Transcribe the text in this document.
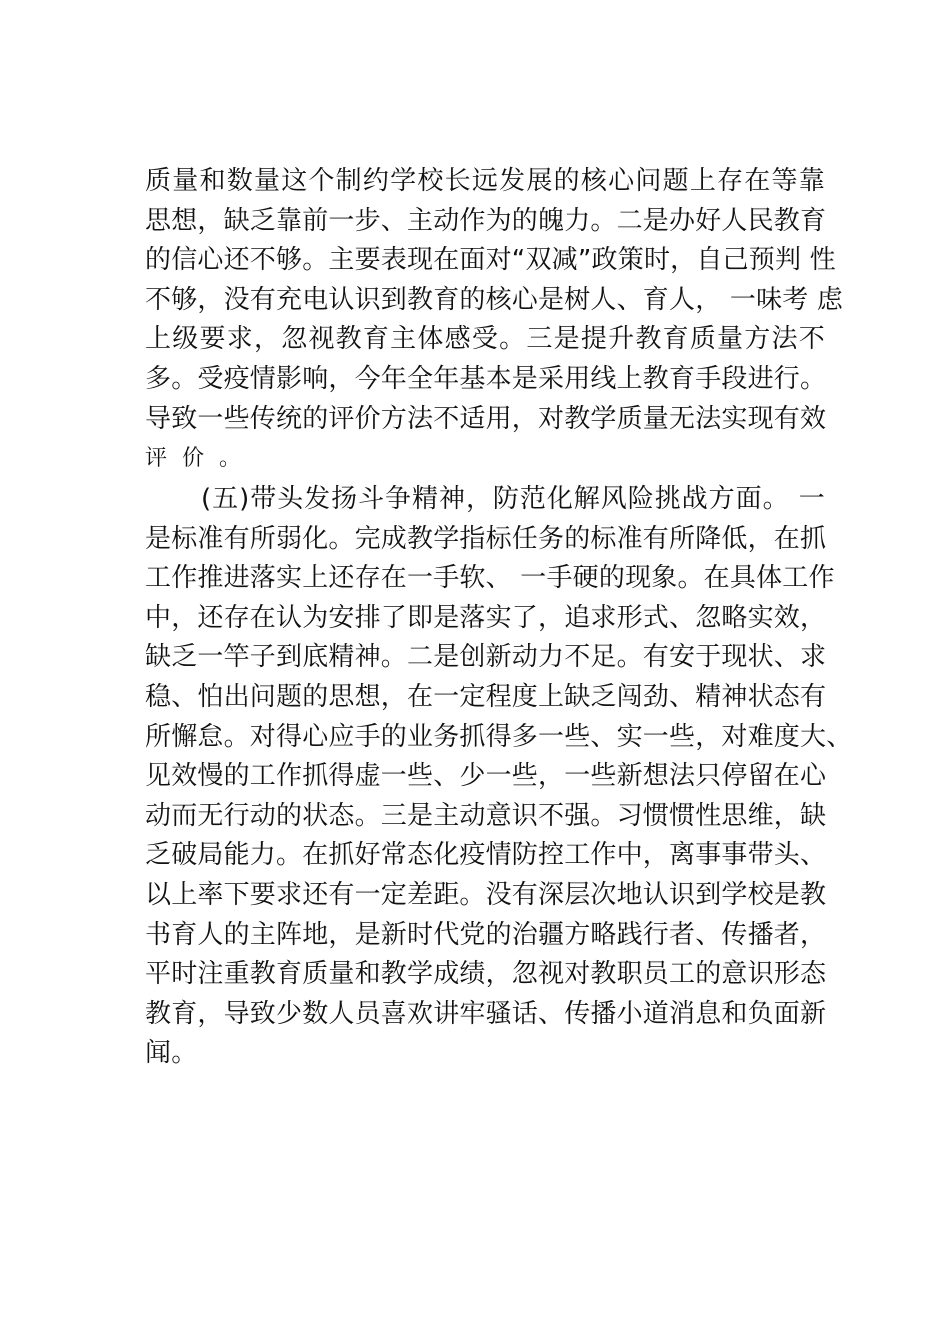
质量和数量这个制约学校长远发展的核心问题上存在等靠
思想，缺乏靠前一步、主动作为的魄力。二是办好人民教育
的信心还不够。主要表现在面对“双减”政策时，自己预判 性
不够，没有充电认识到教育的核心是树人、育人， 一味考 虑
上级要求，忽视教育主体感受。三是提升教育质量方法不
多。受疫情影响，今年全年基本是采用线上教育手段进行。
导致一些传统的评价方法不适用，对教学质量无法实现有效
评 价 。
(五)带头发扬斗争精神，防范化解风险挑战方面。 一
是标准有所弱化。完成教学指标任务的标准有所降低，在抓
工作推进落实上还存在一手软、 一手硬的现象。在具体工作
中，还存在认为安排了即是落实了，追求形式、忽略实效，
缺乏一竿子到底精神。二是创新动力不足。有安于现状、求
稳、怕出问题的思想，在一定程度上缺乏闯劲、精神状态有
所懈怠。对得心应手的业务抓得多一些、实一些，对难度大、
见效慢的工作抓得虚一些、少一些，一些新想法只停留在心
动而无行动的状态。三是主动意识不强。习惯惯性思维，缺
乏破局能力。在抓好常态化疫情防控工作中，离事事带头、
以上率下要求还有一定差距。没有深层次地认识到学校是教
书育人的主阵地，是新时代党的治疆方略践行者、传播者，
平时注重教育质量和教学成绩，忽视对教职员工的意识形态
教育，导致少数人员喜欢讲牢骚话、传播小道消息和负面新
闻。
